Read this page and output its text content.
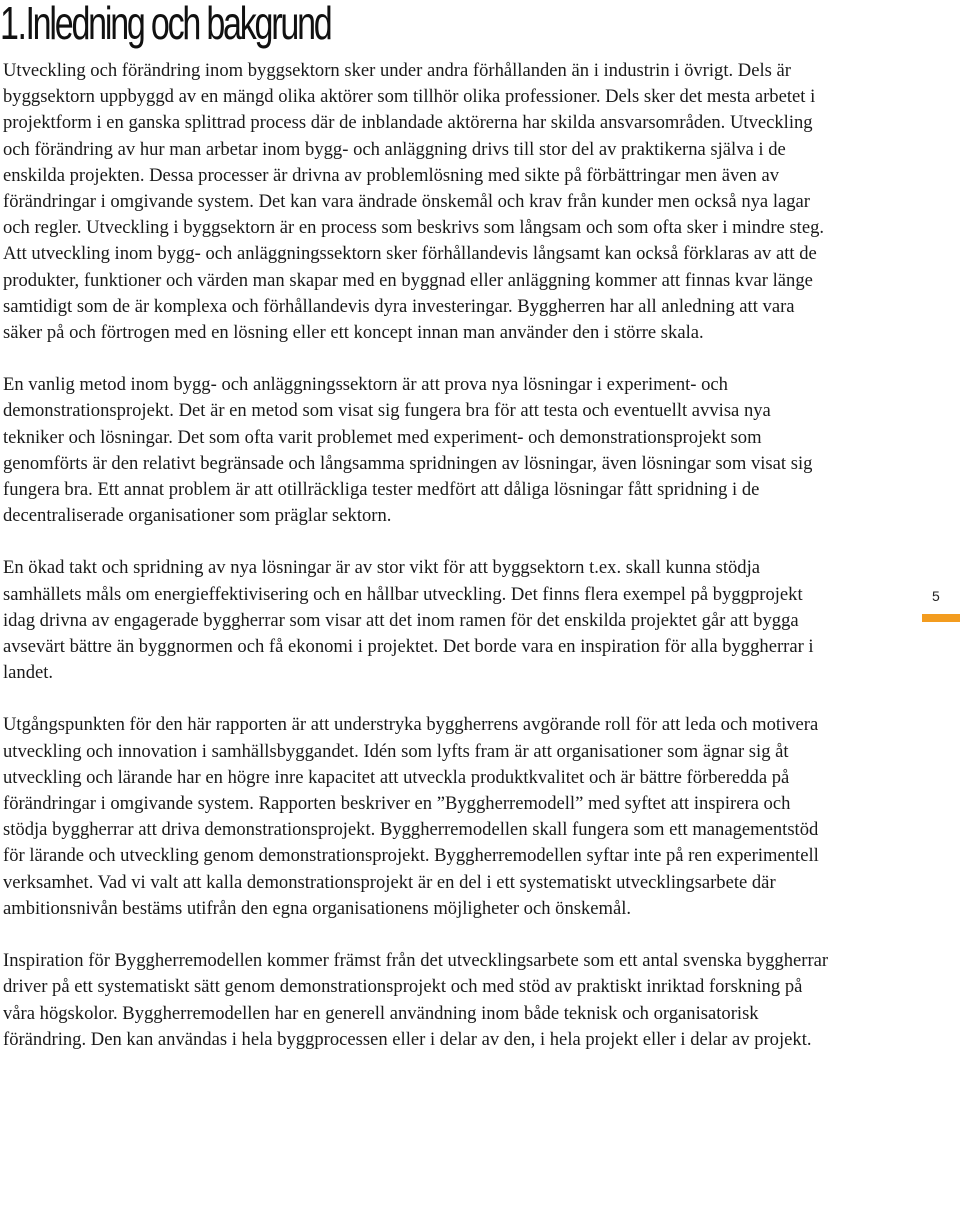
1.Inledning och bakgrund

Utveckling och förändring inom byggsektorn sker under andra förhållanden än i industrin i övrigt. Dels är byggsektorn uppbyggd av en mängd olika aktörer som tillhör olika professioner. Dels sker det mesta arbetet i projektform i en ganska splittrad process där de inblandade aktörerna har skilda ansvarsområden. Utveckling och förändring av hur man arbetar inom bygg- och anläggning drivs till stor del av praktikerna själva i de enskilda projekten. Dessa processer är drivna av problemlösning med sikte på förbättringar men även av förändringar i omgivande system. Det kan vara ändrade önskemål och krav från kunder men också nya lagar och regler. Utveckling i byggsektorn är en process som beskrivs som långsam och som ofta sker i mindre steg. Att utveckling inom bygg- och anläggningssektorn sker förhållandevis långsamt kan också förklaras av att de produkter, funktioner och värden man skapar med en byggnad eller anläggning kommer att finnas kvar länge samtidigt som de är komplexa och förhållandevis dyra investeringar. Byggherren har all anledning att vara säker på och förtrogen med en lösning eller ett koncept innan man använder den i större skala.

En vanlig metod inom bygg- och anläggningssektorn är att prova nya lösningar i experiment- och demonstrationsprojekt. Det är en metod som visat sig fungera bra för att testa och eventuellt avvisa nya tekniker och lösningar. Det som ofta varit problemet med experiment- och demonstrationsprojekt som genomförts är den relativt begränsade och långsamma spridningen av lösningar, även lösningar som visat sig fungera bra. Ett annat problem är att otillräckliga tester medfört att dåliga lösningar fått spridning i de decentraliserade organisationer som präglar sektorn.

En ökad takt och spridning av nya lösningar är av stor vikt för att byggsektorn t.ex. skall kunna stödja samhällets måls om energieffektivisering och en hållbar utveckling. Det finns flera exempel på byggprojekt idag drivna av engagerade byggherrar som visar att det inom ramen för det enskilda projektet går att bygga avsevärt bättre än byggnormen och få ekonomi i projektet. Det borde vara en inspiration för alla byggherrar i landet.

Utgångspunkten för den här rapporten är att understryka byggherrens avgörande roll för att leda och motivera utveckling och innovation i samhällsbyggandet. Idén som lyfts fram är att organisationer som ägnar sig åt utveckling och lärande har en högre inre kapacitet att utveckla produktkvalitet och är bättre förberedda på förändringar i omgivande system. Rapporten beskriver en ”Byggherremodell” med syftet att inspirera och stödja byggherrar att driva demonstrationsprojekt. Byggherremodellen skall fungera som ett managementstöd för lärande och utveckling genom demonstrationsprojekt. Byggherremodellen syftar inte på ren experimentell verksamhet. Vad vi valt att kalla demonstrationsprojekt är en del i ett systematiskt utvecklingsarbete där ambitionsnivån bestäms utifrån den egna organisationens möjligheter och önskemål.

Inspiration för Byggherremodellen kommer främst från det utvecklingsarbete som ett antal svenska byggherrar driver på ett systematiskt sätt genom demonstrationsprojekt och med stöd av praktiskt inriktad forskning på våra högskolor. Byggherremodellen har en generell användning inom både teknisk och organisatorisk förändring. Den kan användas i hela byggprocessen eller i delar av den, i hela projekt eller i delar av projekt.

5
